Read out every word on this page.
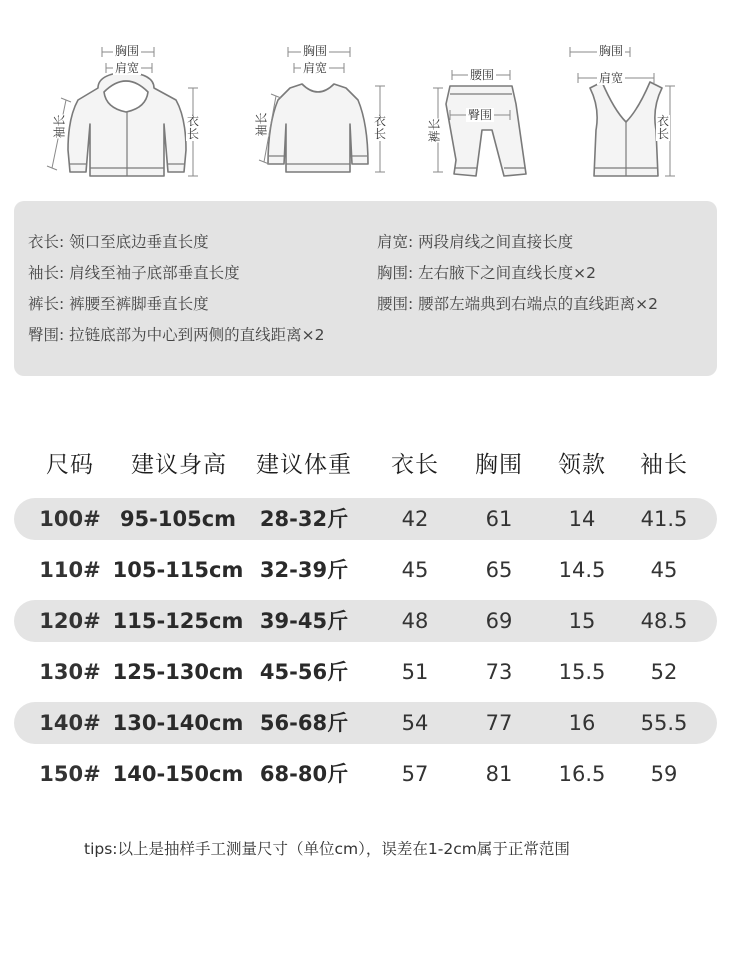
胸围
肩宽
袖长	衣长
胸围
肩宽
袖长	衣长
腰围
臀围
裤长
胸围
肩宽
衣长
衣长: 领口至底边垂直长度	肩宽: 两段肩线之间直接长度
袖长: 肩线至袖子底部垂直长度	胸围: 左右腋下之间直线长度×2
裤长: 裤腰至裤脚垂直长度	腰围: 腰部左端典到右端点的直线距离×2
臀围: 拉链底部为中心到两侧的直线距离×2
尺码 建议身高 建议体重 衣长 胸围 领款 袖长
100# 95-105cm 28-32斤	42	61	14 41.5
110# 105-115cm 32-39斤	45	65 14.5 45
120# 115-125cm 39-45斤	48	69	15 48.5
130# 125-130cm 45-56斤	51	73 15.5 52
140# 130-140cm 56-68斤	54	77	16 55.5
150# 140-150cm 68-80斤	57	81 16.5 59
tips:以上是抽样手工测量尺寸（单位cm），误差在1-2cm属于正常范围
